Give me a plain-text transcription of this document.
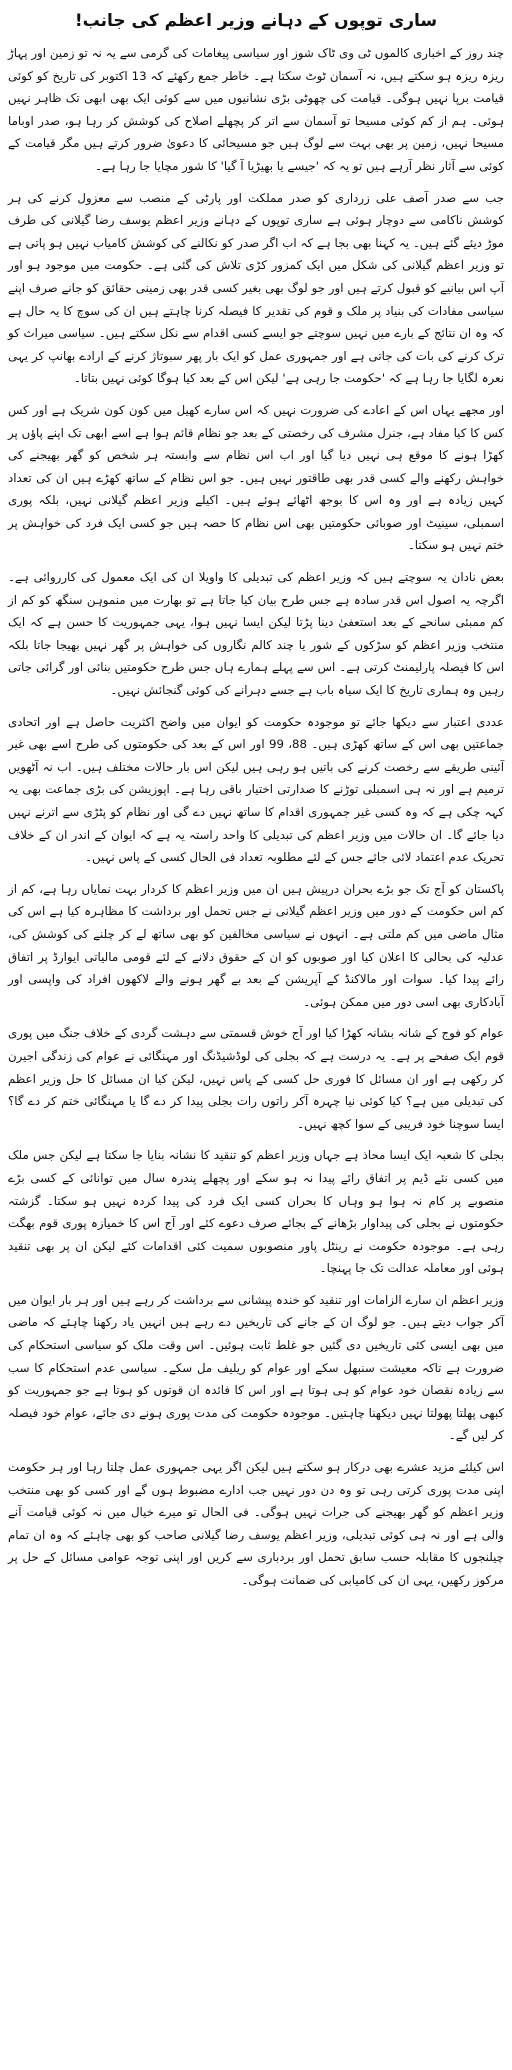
ساری توپوں کے دہانے وزیر اعظم کی جانب!

چند روز کے اخباری کالموں ٹی وی ٹاک شوز اور سیاسی پیغامات کی گرمی سے یہ نہ تو زمین اور پہاڑ ریزہ ریزہ ہو سکتے ہیں، نہ آسمان ٹوٹ سکتا ہے۔ خاطر جمع رکھئے کہ 13 اکتوبر کی تاریخ کو کوئی قیامت برپا نہیں ہوگی۔ قیامت کی چھوٹی بڑی نشانیوں میں سے کوئی ایک بھی ابھی تک ظاہر نہیں ہوئی۔ ہم از کم کوئی مسیحا تو آسمان سے اتر کر پچھلے اصلاح کی کوشش کر رہا ہو، صدر اوباما مسیحا نہیں، زمین پر بھی بہت سے لوگ ہیں جو مسیحائی کا دعویٰ ضرور کرتے ہیں مگر قیامت کے کوئی سے آثار نظر آرہے ہیں تو یہ کہ 'جیسے یا بھیڑیا آ گیا' کا شور مچایا جا رہا ہے۔

جب سے صدر آصف علی زرداری کو صدر مملکت اور پارٹی کے منصب سے معزول کرنے کی ہر کوشش ناکامی سے دوچار ہوئی ہے ساری توپوں کے دہانے وزیر اعظم یوسف رضا گیلانی کی طرف موڑ دیئے گئے ہیں۔ یہ کہنا بھی بجا ہے کہ اب اگر صدر کو نکالنے کی کوشش کامیاب نہیں ہو پاتی ہے تو وزیر اعظم گیلانی کی شکل میں ایک کمزور کڑی تلاش کی گئی ہے۔ حکومت میں موجود ہو اور آپ اس بیانیے کو قبول کرتے ہیں اور جو لوگ بھی بغیر کسی قدر بھی زمینی حقائق کو جانے صرف اپنے سیاسی مفادات کی بنیاد پر ملک و قوم کی تقدیر کا فیصلہ کرنا چاہتے ہیں ان کی سوچ کا یہ حال ہے کہ وہ ان نتائج کے بارے میں نہیں سوچتے جو ایسے کسی اقدام سے نکل سکتے ہیں۔ سیاسی میراث کو ترک کرنے کی بات کی جاتی ہے اور جمہوری عمل کو ایک بار پھر سبوتاژ کرنے کے ارادے بھانپ کر یہی نعرہ لگایا جا رہا ہے کہ 'حکومت جا رہی ہے' لیکن اس کے بعد کیا ہوگا کوئی نہیں بتاتا۔

اور مجھے یہاں اس کے اعادے کی ضرورت نہیں کہ اس سارے کھیل میں کون کون شریک ہے اور کس کس کا کیا مفاد ہے، جنرل مشرف کی رخصتی کے بعد جو نظام قائم ہوا ہے اسے ابھی تک اپنے پاؤں پر کھڑا ہونے کا موقع ہی نہیں دیا گیا اور اب اس نظام سے وابستہ ہر شخص کو گھر بھیجنے کی خواہش رکھنے والے کسی قدر بھی طاقتور نہیں ہیں۔ جو اس نظام کے ساتھ کھڑے ہیں ان کی تعداد کہیں زیادہ ہے اور وہ اس کا بوجھ اٹھائے ہوئے ہیں۔ اکیلے وزیر اعظم گیلانی نہیں، بلکہ پوری اسمبلی، سینیٹ اور صوبائی حکومتیں بھی اس نظام کا حصہ ہیں جو کسی ایک فرد کی خواہش پر ختم نہیں ہو سکتا۔

بعض نادان یہ سوچتے ہیں کہ وزیر اعظم کی تبدیلی کا واویلا ان کی ایک معمول کی کارروائی ہے۔ اگرچہ یہ اصول اس قدر سادہ ہے جس طرح بیان کیا جاتا ہے تو بھارت میں منموہن سنگھ کو کم از کم ممبئی سانحے کے بعد استعفیٰ دینا پڑتا لیکن ایسا نہیں ہوا، یہی جمہوریت کا حسن ہے کہ ایک منتخب وزیر اعظم کو سڑکوں کے شور یا چند کالم نگاروں کی خواہش پر گھر نہیں بھیجا جاتا بلکہ اس کا فیصلہ پارلیمنٹ کرتی ہے۔ اس سے پہلے ہمارے ہاں جس طرح حکومتیں بنائی اور گرائی جاتی رہیں وہ ہماری تاریخ کا ایک سیاہ باب ہے جسے دہرانے کی کوئی گنجائش نہیں۔

عددی اعتبار سے دیکھا جائے تو موجودہ حکومت کو ایوان میں واضح اکثریت حاصل ہے اور اتحادی جماعتیں بھی اس کے ساتھ کھڑی ہیں۔ 88، 99 اور اس کے بعد کی حکومتوں کی طرح اسے بھی غیر آئینی طریقے سے رخصت کرنے کی باتیں ہو رہی ہیں لیکن اس بار حالات مختلف ہیں۔ اب نہ آٹھویں ترمیم ہے اور نہ ہی اسمبلی توڑنے کا صدارتی اختیار باقی رہا ہے۔ اپوزیشن کی بڑی جماعت بھی یہ کہہ چکی ہے کہ وہ کسی غیر جمہوری اقدام کا ساتھ نہیں دے گی اور نظام کو پٹڑی سے اترنے نہیں دیا جائے گا۔ ان حالات میں وزیر اعظم کی تبدیلی کا واحد راستہ یہ ہے کہ ایوان کے اندر ان کے خلاف تحریک عدم اعتماد لائی جائے جس کے لئے مطلوبہ تعداد فی الحال کسی کے پاس نہیں۔

پاکستان کو آج تک جو بڑے بحران درپیش ہیں ان میں وزیر اعظم کا کردار بہت نمایاں رہا ہے، کم از کم اس حکومت کے دور میں وزیر اعظم گیلانی نے جس تحمل اور برداشت کا مظاہرہ کیا ہے اس کی مثال ماضی میں کم ملتی ہے۔ انہوں نے سیاسی مخالفین کو بھی ساتھ لے کر چلنے کی کوشش کی، عدلیہ کی بحالی کا اعلان کیا اور صوبوں کو ان کے حقوق دلانے کے لئے قومی مالیاتی ایوارڈ پر اتفاق رائے پیدا کیا۔ سوات اور مالاکنڈ کے آپریشن کے بعد بے گھر ہونے والے لاکھوں افراد کی واپسی اور آبادکاری بھی اسی دور میں ممکن ہوئی۔

عوام کو فوج کے شانہ بشانہ کھڑا کیا اور آج خوش قسمتی سے دہشت گردی کے خلاف جنگ میں پوری قوم ایک صفحے پر ہے۔ یہ درست ہے کہ بجلی کی لوڈشیڈنگ اور مہنگائی نے عوام کی زندگی اجیرن کر رکھی ہے اور ان مسائل کا فوری حل کسی کے پاس نہیں، لیکن کیا ان مسائل کا حل وزیر اعظم کی تبدیلی میں ہے؟ کیا کوئی نیا چہرہ آکر راتوں رات بجلی پیدا کر دے گا یا مہنگائی ختم کر دے گا؟ ایسا سوچنا خود فریبی کے سوا کچھ نہیں۔

بجلی کا شعبہ ایک ایسا محاذ ہے جہاں وزیر اعظم کو تنقید کا نشانہ بنایا جا سکتا ہے لیکن جس ملک میں کسی نئے ڈیم پر اتفاق رائے پیدا نہ ہو سکے اور پچھلے پندرہ سال میں توانائی کے کسی بڑے منصوبے پر کام نہ ہوا ہو وہاں کا بحران کسی ایک فرد کی پیدا کردہ نہیں ہو سکتا۔ گزشتہ حکومتوں نے بجلی کی پیداوار بڑھانے کے بجائے صرف دعوے کئے اور آج اس کا خمیازہ پوری قوم بھگت رہی ہے۔ موجودہ حکومت نے رینٹل پاور منصوبوں سمیت کئی اقدامات کئے لیکن ان پر بھی تنقید ہوئی اور معاملہ عدالت تک جا پہنچا۔

وزیر اعظم ان سارے الزامات اور تنقید کو خندہ پیشانی سے برداشت کر رہے ہیں اور ہر بار ایوان میں آکر جواب دیتے ہیں۔ جو لوگ ان کے جانے کی تاریخیں دے رہے ہیں انہیں یاد رکھنا چاہئے کہ ماضی میں بھی ایسی کئی تاریخیں دی گئیں جو غلط ثابت ہوئیں۔ اس وقت ملک کو سیاسی استحکام کی ضرورت ہے تاکہ معیشت سنبھل سکے اور عوام کو ریلیف مل سکے۔ سیاسی عدم استحکام کا سب سے زیادہ نقصان خود عوام کو ہی ہوتا ہے اور اس کا فائدہ ان قوتوں کو ہوتا ہے جو جمہوریت کو کبھی پھلتا پھولتا نہیں دیکھنا چاہتیں۔ موجودہ حکومت کی مدت پوری ہونے دی جائے، عوام خود فیصلہ کر لیں گے۔

اس کیلئے مزید عشرے بھی درکار ہو سکتے ہیں لیکن اگر یہی جمہوری عمل چلتا رہا اور ہر حکومت اپنی مدت پوری کرتی رہی تو وہ دن دور نہیں جب ادارے مضبوط ہوں گے اور کسی کو بھی منتخب وزیر اعظم کو گھر بھیجنے کی جرات نہیں ہوگی۔ فی الحال تو میرے خیال میں نہ کوئی قیامت آنے والی ہے اور نہ ہی کوئی تبدیلی، وزیر اعظم یوسف رضا گیلانی صاحب کو بھی چاہئے کہ وہ ان تمام چیلنجوں کا مقابلہ حسب سابق تحمل اور بردباری سے کریں اور اپنی توجہ عوامی مسائل کے حل پر مرکوز رکھیں، یہی ان کی کامیابی کی ضمانت ہوگی۔
